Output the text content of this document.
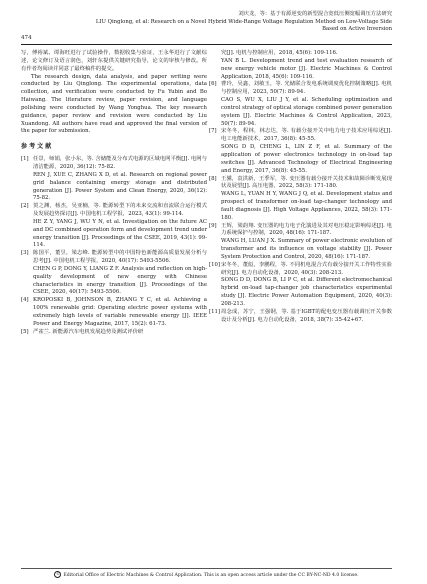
刘庆龙，等：基于有源逆变的新型混合宽低压侧宽幅调压方法研究
LIU Qinglong, et al: Research on a Novel Hybrid Wide-Range Voltage Regulation Method on Low-Voltage Side
Based on Active Inversion
474

写，傅裕斌、谭海旺进行了试验操作，数据收集与验证，王永华进行了文献综述，论文修订及语言润色，刘轩东提供关键研究指导，论文的审核与修改。所有作者均阅读并同意了最终稿件的提交。

The research design, data analysis, and paper writing were conducted by Liu Qinglong. The experimental operations, data collection, and verification were conducted by Fu Yubin and Bo Haiwang. The literature review, paper revision, and language polishing were conducted by Wang Yonghua. The key research guidance, paper review and revision were conducted by Liu Xuandong. All authors have read and approved the final version of the paper for submission.

参 考 文 献
[1] 任景，师娟，张小东，等. 含储能及分布式电源的区域电网平衡[J]. 电网与清洁能源，2020, 36(12): 75-82.
REN J, XUE C, ZHANG X D, et al. Research on regional power grid balance containing energy storage and distributed generation [J]. Power System and Clean Energy, 2020, 36(12): 75-82.
[2] 贺之渊，杨杰，吴亚楠，等. 能源转型下的未来交流和直流联合运行模式及发展趋势探讨[J]. 中国电机工程学报，2023, 43(1): 99-114.
HE Z Y, YANG J, WU Y N, et al. Investigation on the future AC and DC combined operation form and development trend under energy transition [J]. Proceedings of the CSEE, 2019, 43(1): 99-114.
[3] 陈国平，董昱，梁志峰. 能源转型中的中国特色新能源高质量发展分析与思考[J]. 中国电机工程学报，2020, 40(17): 5493-5506.
CHEN G P, DONG Y, LIANG Z F. Analysis and reflection on high-quality development of new energy with Chinese characteristics in energy transition [J]. Proceedings of the CSEE, 2020, 40(17): 5493-5506.
[4] KROPOSKI B, JOHNSON B, ZHANG Y C, et al. Achieving a 100% renewable grid: Operating electric power systems with extremely high levels of variable renewable energy [J]. IEEE Power and Energy Magazine, 2017, 15(2): 61-73.
[5] 严雀兰. 新能源汽车电机发展趋势及测试评价研
究[J]. 电机与控制应用，2018, 45(6): 109-116.
YAN B L. Development trend and test evaluation research of new energy vehicle motor [J]. Electric Machines & Control Application, 2018, 45(6): 109-116.
[6] 曹玲，吴鑫，刘敏玉，等. 光储联合发电系统调度优化控制策略[J]. 电机与控制应用，2023, 50(7): 89-94.
CAO S, WU X, LIU J Y, et al. Scheduling optimization and control strategy of optical storage combined power generation system [J]. Electric Machines & Control Application, 2023, 50(7): 89-94.
[7] 宋冬冬，程林，林志达，等. 有载分接开关中电力电子技术应用综述[J]. 电工电能新技术，2017, 36(8): 45-55.
SONG D D, CHENG L, LIN Z F, et al. Summary of the application of power electronics technology in on-load tap switches [J]. Advanced Technology of Electrical Engineering and Energy, 2017, 36(8): 45-55.
[8] 王骥，袁洪新，王季军，等. 变压器有载分接开关技术和故障诊断发展现状及展望[J]. 高压电器，2022, 58(3): 171-180.
WANG L, YUAN H Y, WANG J Q, et al. Development status and prospect of transformer on-load tap-changer technology and fault diagnosis [J]. High Voltage Appliances, 2022, 58(3): 171-180.
[9] 王辉，梁韵翔. 变压器的电力电子化演进及其对电压稳定影响综述[J]. 电力系统保护与控制，2020, 48(16): 171-187.
WANG H, LUAN J X. Summary of power electronic evolution of transformer and its influence on voltage stability [J]. Power System Protection and Control, 2020, 48(16): 171-187.
[10] 宋冬冬，董彪，李鹏程，等. 不同机电混合式有载分接开关工作特性实验研究[J]. 电力自动化设备，2020, 40(3): 208-213.
SONG D D, DONG B, LI P C, et al. Different electromechanical hybrid on-load tap-changer job characteristics experimental study [J]. Electric Power Automation Equipment, 2020, 40(3): 208-213.
[11] 周念成，苏宁，王强钢，等. 基于IGBT的配电变压器有载调压开关参数设计及分析[J]. 电力自动化设备，2018, 38(7): 35-42+67.
© Editorial Office of Electric Machines & Control Application. This is an open access article under the CC BY-NC-ND 4.0 license.
